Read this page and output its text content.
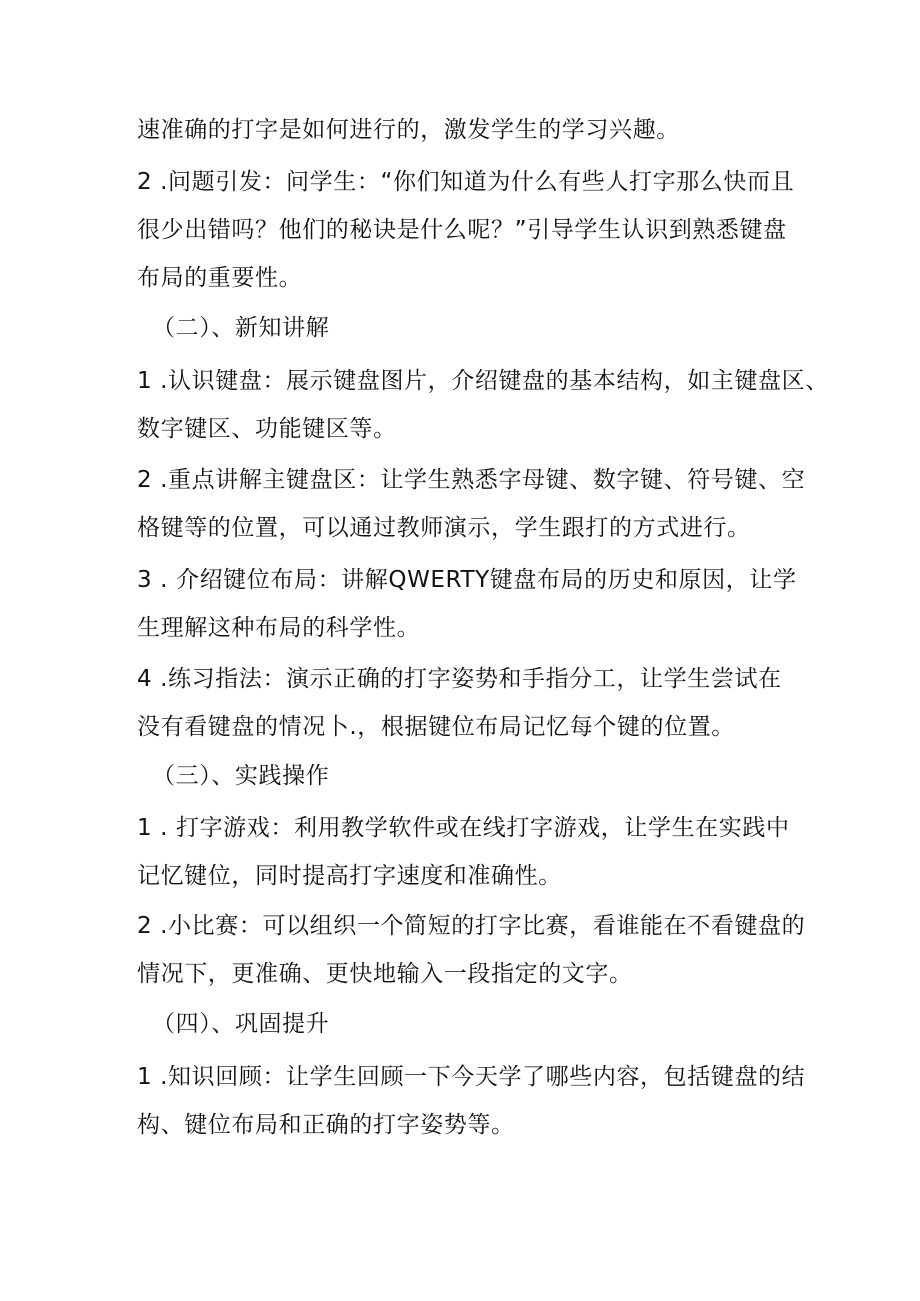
速准确的打字是如何进行的，激发学生的学习兴趣。
2 .问题引发：问学生：“你们知道为什么有些人打字那么快而且
很少出错吗？他们的秘诀是什么呢？”引导学生认识到熟悉键盘
布局的重要性。
（二）、新知讲解
1 .认识键盘：展示键盘图片，介绍键盘的基本结构，如主键盘区、
数字键区、功能键区等。
2 .重点讲解主键盘区：让学生熟悉字母键、数字键、符号键、空
格键等的位置，可以通过教师演示，学生跟打的方式进行。
3 . 介绍键位布局：讲解QWERTY键盘布局的历史和原因，让学
生理解这种布局的科学性。
4 .练习指法：演示正确的打字姿势和手指分工，让学生尝试在
没有看键盘的情况卜.，根据键位布局记忆每个键的位置。
（三）、实践操作
1 . 打字游戏：利用教学软件或在线打字游戏，让学生在实践中
记忆键位，同时提高打字速度和准确性。
2 .小比赛：可以组织一个简短的打字比赛，看谁能在不看键盘的
情况下，更准确、更快地输入一段指定的文字。
（四）、巩固提升
1 .知识回顾：让学生回顾一下今天学了哪些内容，包括键盘的结
构、键位布局和正确的打字姿势等。
